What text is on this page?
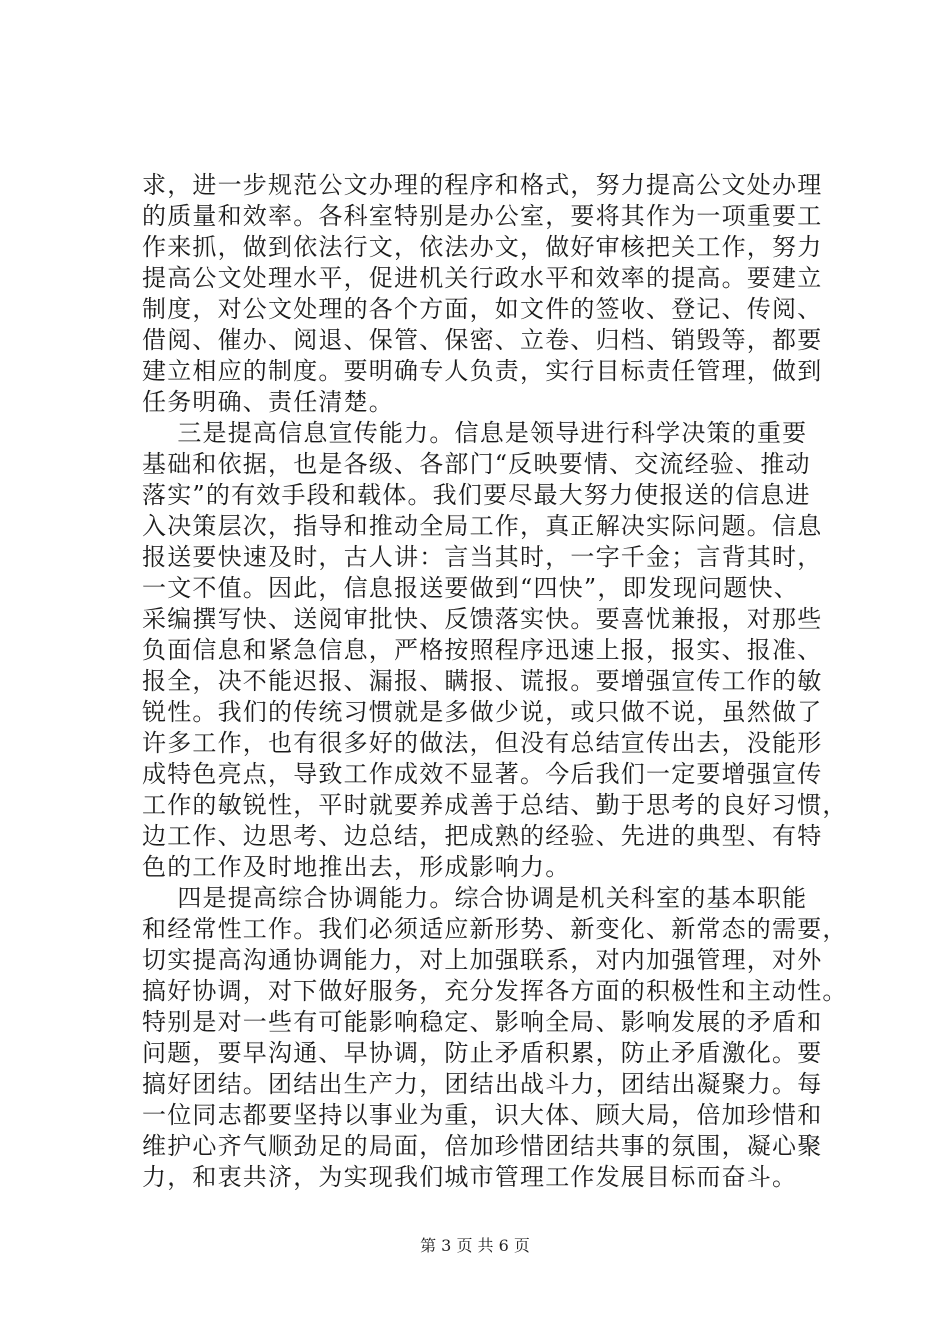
求，进一步规范公文办理的程序和格式，努力提高公文处办理
的质量和效率。各科室特别是办公室，要将其作为一项重要工
作来抓，做到依法行文，依法办文，做好审核把关工作，努力
提高公文处理水平，促进机关行政水平和效率的提高。要建立
制度，对公文处理的各个方面，如文件的签收、登记、传阅、
借阅、催办、阅退、保管、保密、立卷、归档、销毁等，都要
建立相应的制度。要明确专人负责，实行目标责任管理，做到
任务明确、责任清楚。
三是提高信息宣传能力。信息是领导进行科学决策的重要
基础和依据，也是各级、各部门“反映要情、交流经验、推动
落实”的有效手段和载体。我们要尽最大努力使报送的信息进
入决策层次，指导和推动全局工作，真正解决实际问题。信息
报送要快速及时，古人讲：言当其时，一字千金；言背其时，
一文不值。因此，信息报送要做到“四快”，即发现问题快、
采编撰写快、送阅审批快、反馈落实快。要喜忧兼报，对那些
负面信息和紧急信息，严格按照程序迅速上报，报实、报准、
报全，决不能迟报、漏报、瞒报、谎报。要增强宣传工作的敏
锐性。我们的传统习惯就是多做少说，或只做不说，虽然做了
许多工作，也有很多好的做法，但没有总结宣传出去，没能形
成特色亮点，导致工作成效不显著。今后我们一定要增强宣传
工作的敏锐性，平时就要养成善于总结、勤于思考的良好习惯，
边工作、边思考、边总结，把成熟的经验、先进的典型、有特
色的工作及时地推出去，形成影响力。
四是提高综合协调能力。综合协调是机关科室的基本职能
和经常性工作。我们必须适应新形势、新变化、新常态的需要，
切实提高沟通协调能力，对上加强联系，对内加强管理，对外
搞好协调，对下做好服务，充分发挥各方面的积极性和主动性。
特别是对一些有可能影响稳定、影响全局、影响发展的矛盾和
问题，要早沟通、早协调，防止矛盾积累，防止矛盾激化。要
搞好团结。团结出生产力，团结出战斗力，团结出凝聚力。每
一位同志都要坚持以事业为重，识大体、顾大局，倍加珍惜和
维护心齐气顺劲足的局面，倍加珍惜团结共事的氛围，凝心聚
力，和衷共济，为实现我们城市管理工作发展目标而奋斗。
第 3 页 共 6 页
